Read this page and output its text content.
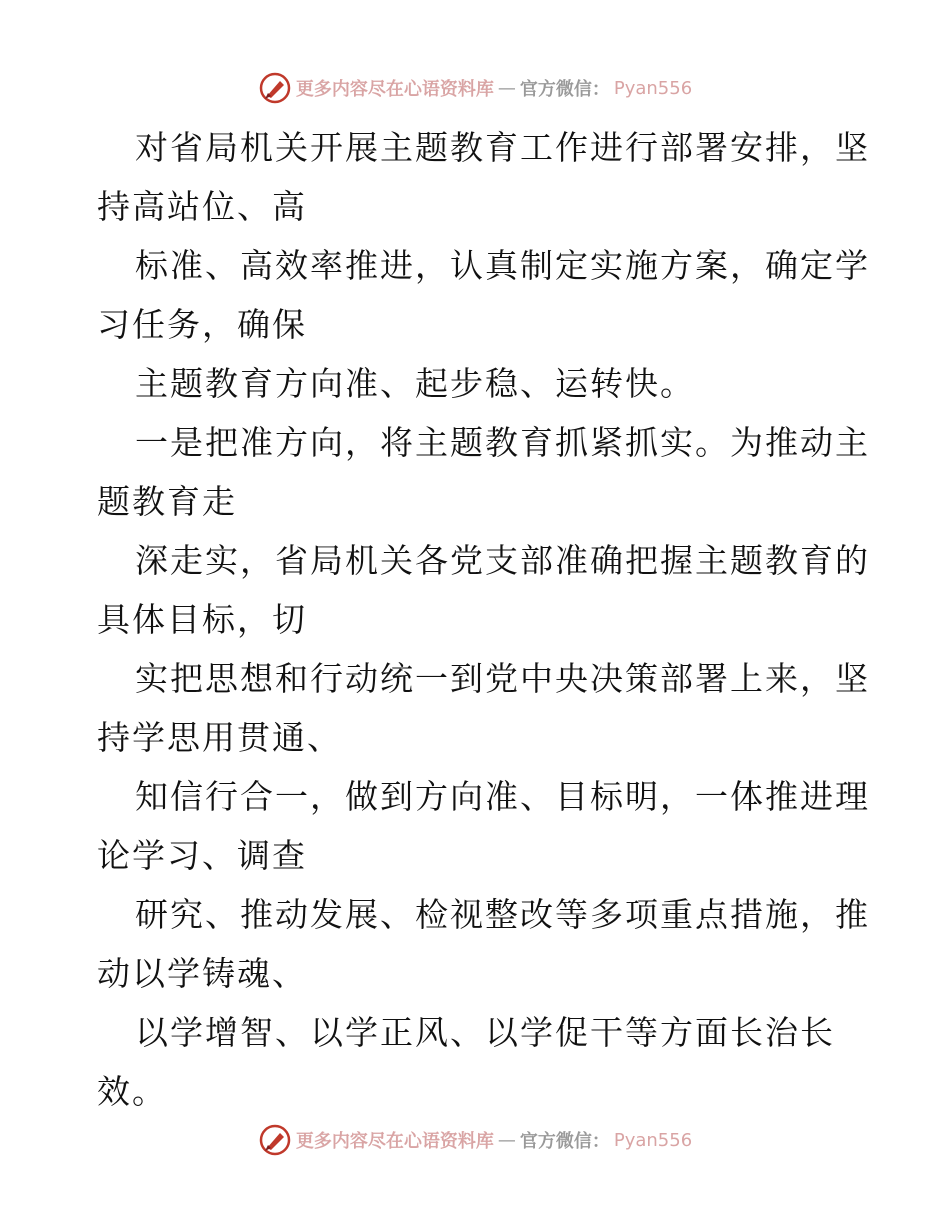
更多内容尽在心语资料库 — 官方微信： Pyan556
对省局机关开展主题教育工作进行部署安排，坚
持高站位、高
标准、高效率推进，认真制定实施方案，确定学
习任务，确保
主题教育方向准、起步稳、运转快。
一是把准方向，将主题教育抓紧抓实。为推动主
题教育走
深走实，省局机关各党支部准确把握主题教育的
具体目标，切
实把思想和行动统一到党中央决策部署上来，坚
持学思用贯通、
知信行合一，做到方向准、目标明，一体推进理
论学习、调查
研究、推动发展、检视整改等多项重点措施，推
动以学铸魂、
以学增智、以学正风、以学促干等方面长治长
效。
更多内容尽在心语资料库 — 官方微信： Pyan556
